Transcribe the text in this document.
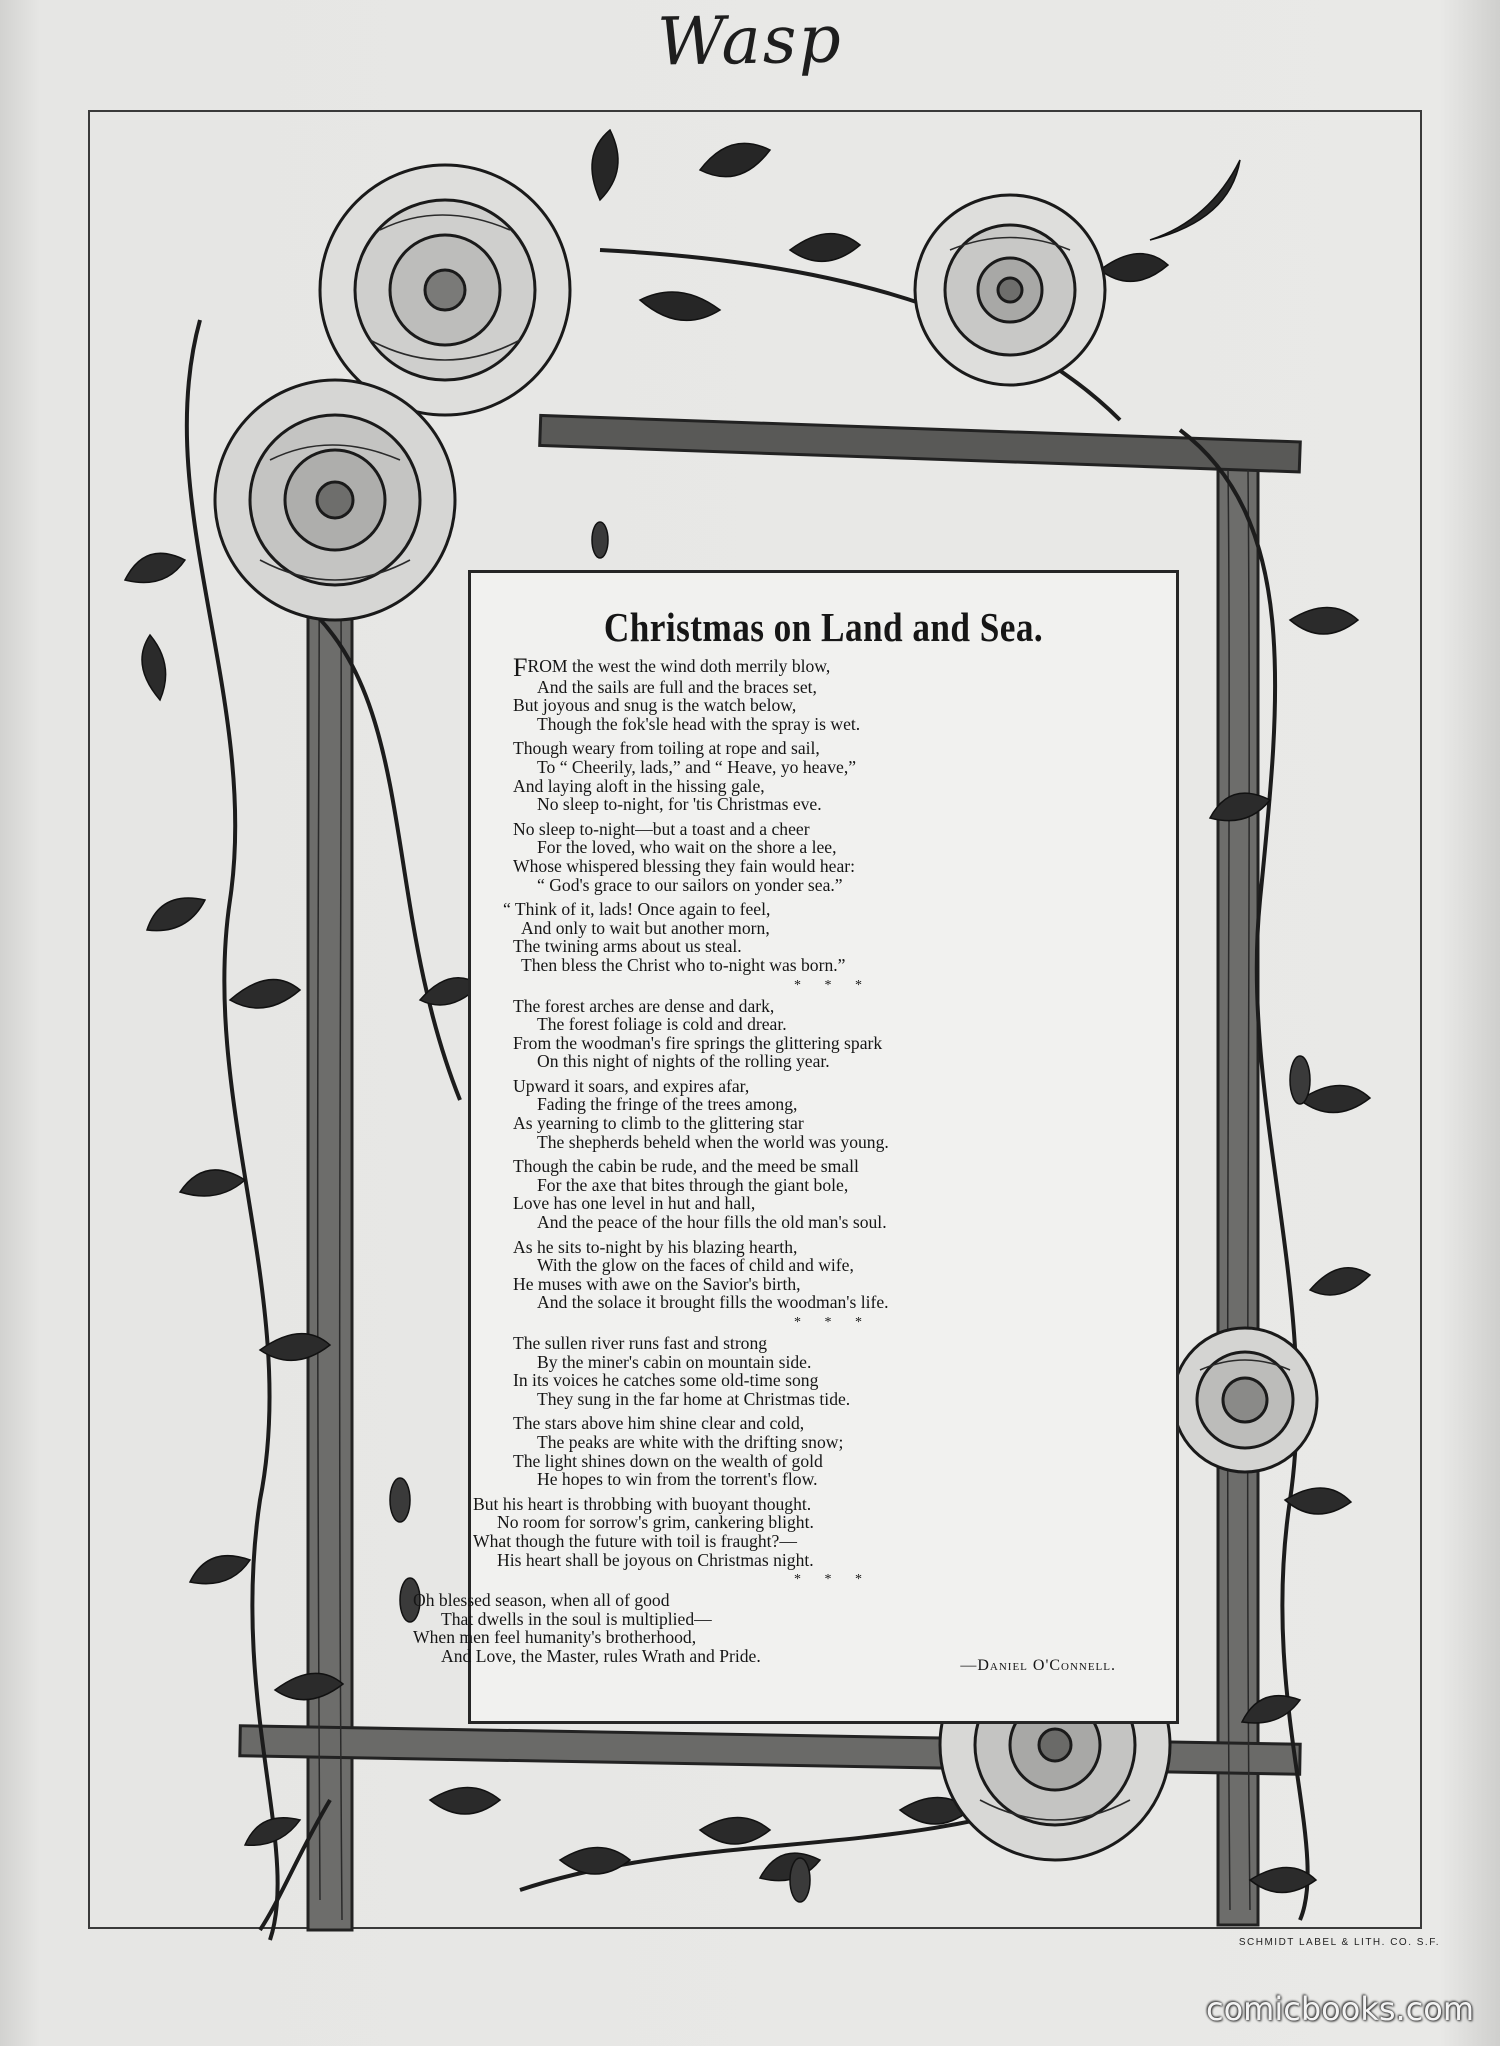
Wasp
Christmas on Land and Sea.
FROM the west the wind doth merrily blow,
And the sails are full and the braces set,
But joyous and snug is the watch below,
Though the fok'sle head with the spray is wet.
Though weary from toiling at rope and sail,
To “ Cheerily, lads,” and “ Heave, yo heave,”
And laying aloft in the hissing gale,
No sleep to-night, for 'tis Christmas eve.
No sleep to-night—but a toast and a cheer
For the loved, who wait on the shore a lee,
Whose whispered blessing they fain would hear:
“ God's grace to our sailors on yonder sea.”
“ Think of it, lads! Once again to feel,
And only to wait but another morn,
The twining arms about us steal.
Then bless the Christ who to-night was born.”
* * *
The forest arches are dense and dark,
The forest foliage is cold and drear.
From the woodman's fire springs the glittering spark
On this night of nights of the rolling year.
Upward it soars, and expires afar,
Fading the fringe of the trees among,
As yearning to climb to the glittering star
The shepherds beheld when the world was young.
Though the cabin be rude, and the meed be small
For the axe that bites through the giant bole,
Love has one level in hut and hall,
And the peace of the hour fills the old man's soul.
As he sits to-night by his blazing hearth,
With the glow on the faces of child and wife,
He muses with awe on the Savior's birth,
And the solace it brought fills the woodman's life.
* * *
The sullen river runs fast and strong
By the miner's cabin on mountain side.
In its voices he catches some old-time song
They sung in the far home at Christmas tide.
The stars above him shine clear and cold,
The peaks are white with the drifting snow;
The light shines down on the wealth of gold
He hopes to win from the torrent's flow.
But his heart is throbbing with buoyant thought.
No room for sorrow's grim, cankering blight.
What though the future with toil is fraught?—
His heart shall be joyous on Christmas night.
* * *
Oh blessed season, when all of good
That dwells in the soul is multiplied—
When men feel humanity's brotherhood,
And Love, the Master, rules Wrath and Pride.	—Daniel O'Connell.
SCHMIDT LABEL & LITH. CO. S.F.
comicbooks.com
